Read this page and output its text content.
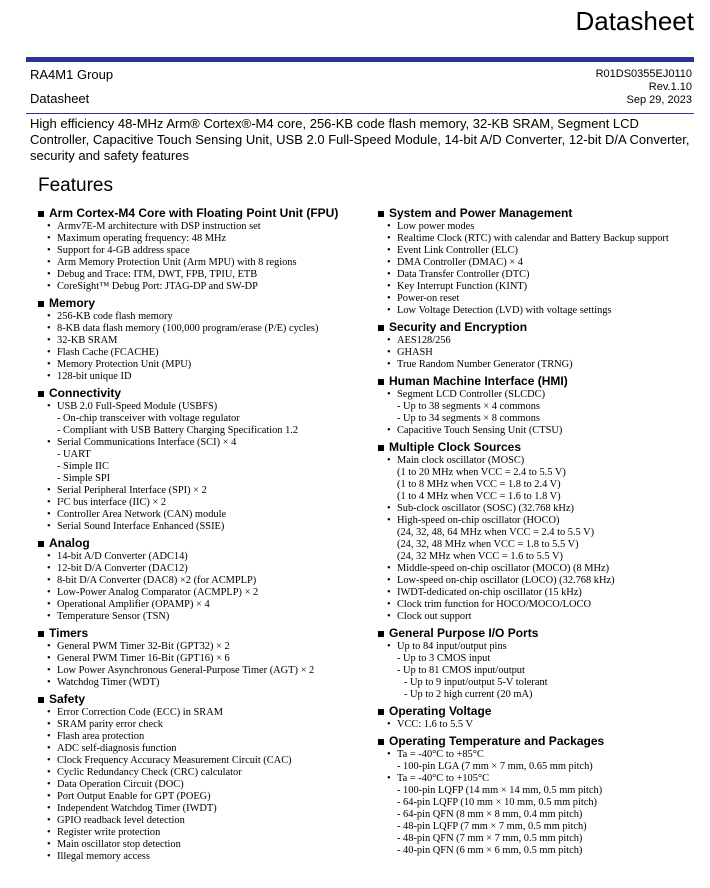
Datasheet
RA4M1 Group
Datasheet
R01DS0355EJ0110
Rev.1.10
Sep 29, 2023
High efficiency 48-MHz Arm® Cortex®-M4 core, 256-KB code flash memory, 32-KB SRAM, Segment LCD Controller, Capacitive Touch Sensing Unit, USB 2.0 Full-Speed Module, 14-bit A/D Converter, 12-bit D/A Converter, security and safety features
Features
Arm Cortex-M4 Core with Floating Point Unit (FPU)
• Armv7E-M architecture with DSP instruction set
• Maximum operating frequency: 48 MHz
• Support for 4-GB address space
• Arm Memory Protection Unit (Arm MPU) with 8 regions
• Debug and Trace: ITM, DWT, FPB, TPIU, ETB
• CoreSight™ Debug Port: JTAG-DP and SW-DP
Memory
• 256-KB code flash memory
• 8-KB data flash memory (100,000 program/erase (P/E) cycles)
• 32-KB SRAM
• Flash Cache (FCACHE)
• Memory Protection Unit (MPU)
• 128-bit unique ID
Connectivity
• USB 2.0 Full-Speed Module (USBFS)
- On-chip transceiver with voltage regulator
- Compliant with USB Battery Charging Specification 1.2
• Serial Communications Interface (SCI) × 4
- UART
- Simple IIC
- Simple SPI
• Serial Peripheral Interface (SPI) × 2
• I²C bus interface (IIC) × 2
• Controller Area Network (CAN) module
• Serial Sound Interface Enhanced (SSIE)
Analog
• 14-bit A/D Converter (ADC14)
• 12-bit D/A Converter (DAC12)
• 8-bit D/A Converter (DAC8) ×2 (for ACMPLP)
• Low-Power Analog Comparator (ACMPLP) × 2
• Operational Amplifier (OPAMP) × 4
• Temperature Sensor (TSN)
Timers
• General PWM Timer 32-Bit (GPT32) × 2
• General PWM Timer 16-Bit (GPT16) × 6
• Low Power Asynchronous General-Purpose Timer (AGT) × 2
• Watchdog Timer (WDT)
Safety
• Error Correction Code (ECC) in SRAM
• SRAM parity error check
• Flash area protection
• ADC self-diagnosis function
• Clock Frequency Accuracy Measurement Circuit (CAC)
• Cyclic Redundancy Check (CRC) calculator
• Data Operation Circuit (DOC)
• Port Output Enable for GPT (POEG)
• Independent Watchdog Timer (IWDT)
• GPIO readback level detection
• Register write protection
• Main oscillator stop detection
• Illegal memory access
System and Power Management
• Low power modes
• Realtime Clock (RTC) with calendar and Battery Backup support
• Event Link Controller (ELC)
• DMA Controller (DMAC) × 4
• Data Transfer Controller (DTC)
• Key Interrupt Function (KINT)
• Power-on reset
• Low Voltage Detection (LVD) with voltage settings
Security and Encryption
• AES128/256
• GHASH
• True Random Number Generator (TRNG)
Human Machine Interface (HMI)
• Segment LCD Controller (SLCDC)
- Up to 38 segments × 4 commons
- Up to 34 segments × 8 commons
• Capacitive Touch Sensing Unit (CTSU)
Multiple Clock Sources
• Main clock oscillator (MOSC)
(1 to 20 MHz when VCC = 2.4 to 5.5 V)
(1 to 8 MHz when VCC = 1.8 to 2.4 V)
(1 to 4 MHz when VCC = 1.6 to 1.8 V)
• Sub-clock oscillator (SOSC) (32.768 kHz)
• High-speed on-chip oscillator (HOCO)
(24, 32, 48, 64 MHz when VCC = 2.4 to 5.5 V)
(24, 32, 48 MHz when VCC = 1.8 to 5.5 V)
(24, 32 MHz when VCC = 1.6 to 5.5 V)
• Middle-speed on-chip oscillator (MOCO) (8 MHz)
• Low-speed on-chip oscillator (LOCO) (32.768 kHz)
• IWDT-dedicated on-chip oscillator (15 kHz)
• Clock trim function for HOCO/MOCO/LOCO
• Clock out support
General Purpose I/O Ports
• Up to 84 input/output pins
- Up to 3 CMOS input
- Up to 81 CMOS input/output
- Up to 9 input/output 5-V tolerant
- Up to 2 high current (20 mA)
Operating Voltage
• VCC: 1.6 to 5.5 V
Operating Temperature and Packages
• Ta = -40°C to +85°C
- 100-pin LGA (7 mm × 7 mm, 0.65 mm pitch)
• Ta = -40°C to +105°C
- 100-pin LQFP (14 mm × 14 mm, 0.5 mm pitch)
- 64-pin LQFP (10 mm × 10 mm, 0.5 mm pitch)
- 64-pin QFN (8 mm × 8 mm, 0.4 mm pitch)
- 48-pin LQFP (7 mm × 7 mm, 0.5 mm pitch)
- 48-pin QFN (7 mm × 7 mm, 0.5 mm pitch)
- 40-pin QFN (6 mm × 6 mm, 0.5 mm pitch)
